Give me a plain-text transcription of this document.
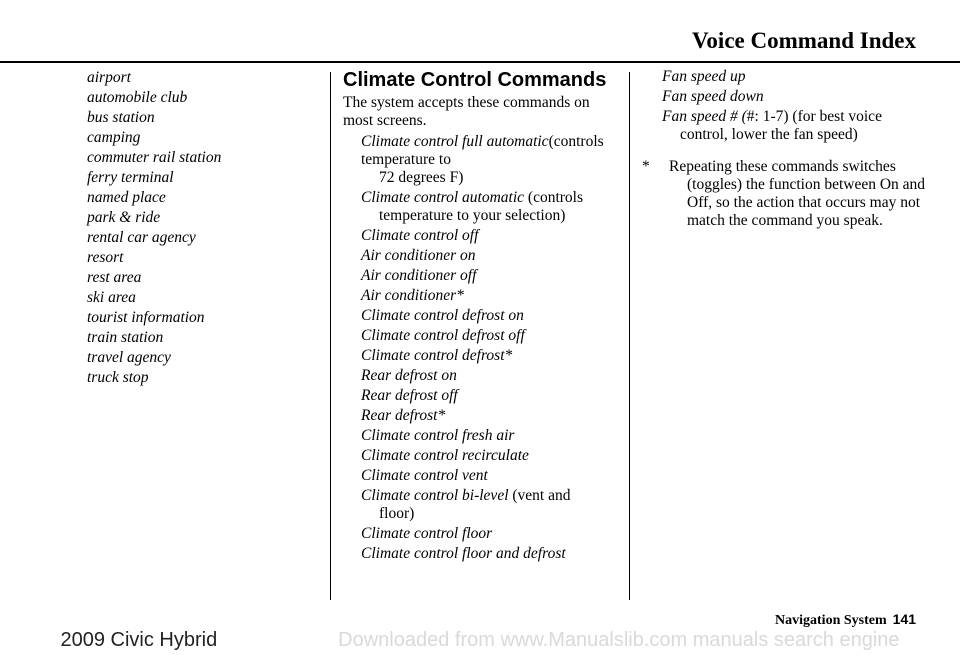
Voice Command Index

airport

automobile club

bus station

camping

commuter rail station

ferry terminal

named place

park & ride

rental car agency

resort

rest area

ski area

tourist information

train station

travel agency

truck stop

Climate Control Commands

The system accepts these commands on most screens.

Climate control full automatic(controls temperature to
72 degrees F)

Climate control automatic (controls
temperature to your selection)

Climate control off

Air conditioner on

Air conditioner off

Air conditioner*

Climate control defrost on

Climate control defrost off

Climate control defrost*

Rear defrost on

Rear defrost off

Rear defrost*

Climate control fresh air

Climate control recirculate

Climate control vent

Climate control bi-level (vent and
floor)

Climate control floor

Climate control floor and defrost

Fan speed up

Fan speed down

Fan speed # (#: 1-7) (for best voice
control, lower the fan speed)

*	Repeating these commands switches
(toggles) the function between On and Off, so the action that occurs may not match the command you speak.
Navigation System 141
2009 Civic Hybrid	Downloaded from www.Manualslib.com manuals search engine
